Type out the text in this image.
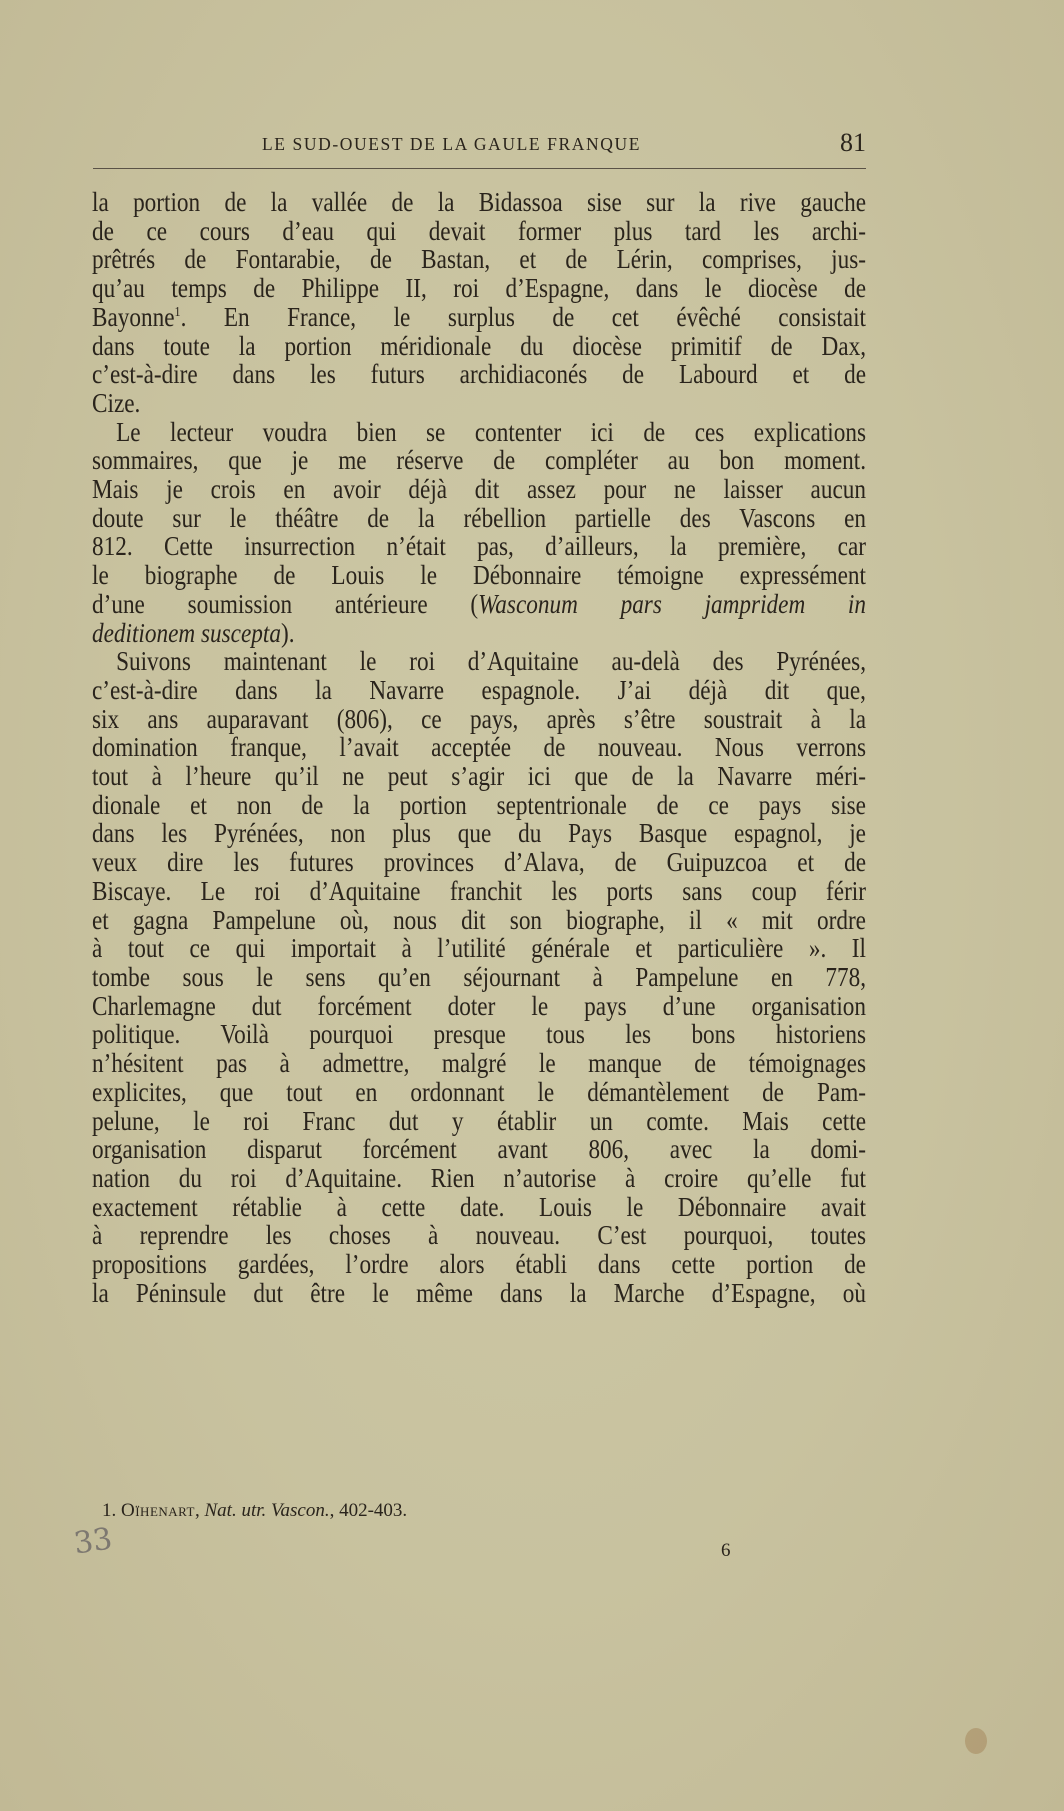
LE SUD-OUEST DE LA GAULE FRANQUE	81
la portion de la vallée de la Bidassoa sise sur la rive gauche
de ce cours d’eau qui devait former plus tard les archi-
prêtrés de Fontarabie, de Bastan, et de Lérin, comprises, jus-
qu’au temps de Philippe II, roi d’Espagne, dans le diocèse de
Bayonne$^1$. En France, le surplus de cet évêché consistait
dans toute la portion méridionale du diocèse primitif de Dax,
c’est-à-dire dans les futurs archidiaconés de Labourd et de
Cize.
Le lecteur voudra bien se contenter ici de ces explications
sommaires, que je me réserve de compléter au bon moment.
Mais je crois en avoir déjà dit assez pour ne laisser aucun
doute sur le théâtre de la rébellion partielle des Vascons en
812. Cette insurrection n’était pas, d’ailleurs, la première, car
le biographe de Louis le Débonnaire témoigne expressément
d’une soumission antérieure (Wasconum pars jampridem in
deditionem suscepta).
Suivons maintenant le roi d’Aquitaine au-delà des Pyrénées,
c’est-à-dire dans la Navarre espagnole. J’ai déjà dit que,
six ans auparavant (806), ce pays, après s’être soustrait à la
domination franque, l’avait acceptée de nouveau. Nous verrons
tout à l’heure qu’il ne peut s’agir ici que de la Navarre méri-
dionale et non de la portion septentrionale de ce pays sise
dans les Pyrénées, non plus que du Pays Basque espagnol, je
veux dire les futures provinces d’Alava, de Guipuzcoa et de
Biscaye. Le roi d’Aquitaine franchit les ports sans coup férir
et gagna Pampelune où, nous dit son biographe, il « mit ordre
à tout ce qui importait à l’utilité générale et particulière ». Il
tombe sous le sens qu’en séjournant à Pampelune en 778,
Charlemagne dut forcément doter le pays d’une organisation
politique. Voilà pourquoi presque tous les bons historiens
n’hésitent pas à admettre, malgré le manque de témoignages
explicites, que tout en ordonnant le démantèlement de Pam-
pelune, le roi Franc dut y établir un comte. Mais cette
organisation disparut forcément avant 806, avec la domi-
nation du roi d’Aquitaine. Rien n’autorise à croire qu’elle fut
exactement rétablie à cette date. Louis le Débonnaire avait
à reprendre les choses à nouveau. C’est pourquoi, toutes
propositions gardées, l’ordre alors établi dans cette portion de
la Péninsule dut être le même dans la Marche d’Espagne, où
1. Oïhenart, Nat. utr. Vascon., 402-403.
33	6
